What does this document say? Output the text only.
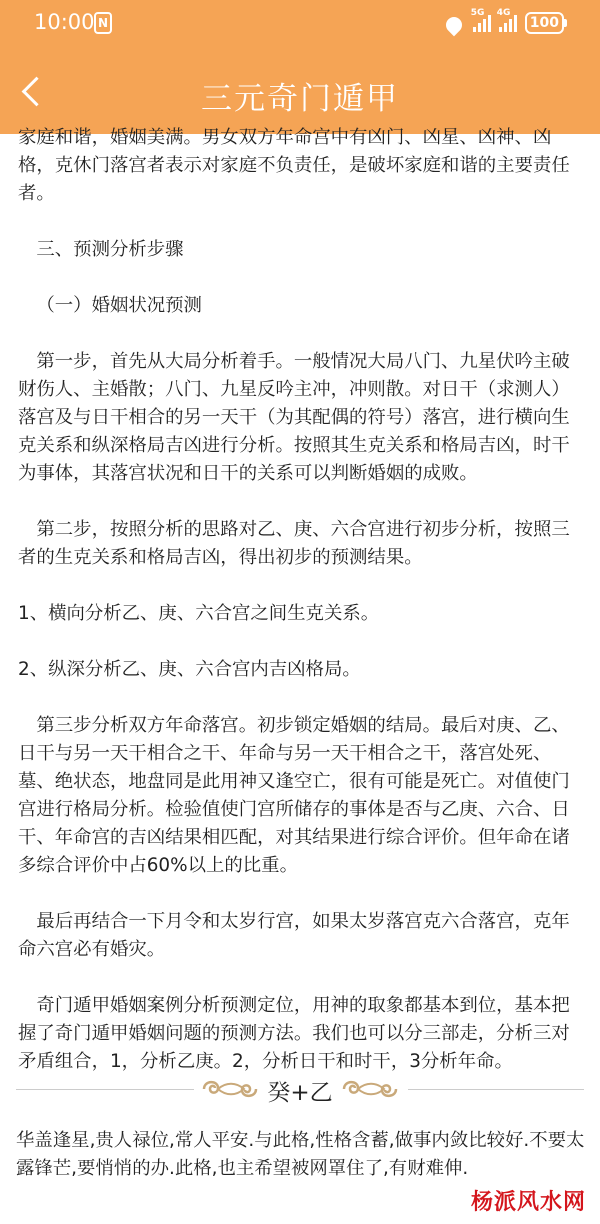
10:00 N
5G 4G
100
三元奇门遁甲

家庭和谐，婚姻美满。男女双方年命宫中有凶门、凶星、凶神、凶格，克休门落宫者表示对家庭不负责任，是破坏家庭和谐的主要责任者。

三、预测分析步骤

（一）婚姻状况预测

第一步，首先从大局分析着手。一般情况大局八门、九星伏吟主破财伤人、主婚散；八门、九星反吟主冲，冲则散。对日干（求测人）落宫及与日干相合的另一天干（为其配偶的符号）落宫，进行横向生克关系和纵深格局吉凶进行分析。按照其生克关系和格局吉凶，时干为事体，其落宫状况和日干的关系可以判断婚姻的成败。

第二步，按照分析的思路对乙、庚、六合宫进行初步分析，按照三者的生克关系和格局吉凶，得出初步的预测结果。

1、横向分析乙、庚、六合宫之间生克关系。

2、纵深分析乙、庚、六合宫内吉凶格局。

第三步分析双方年命落宫。初步锁定婚姻的结局。最后对庚、乙、日干与另一天干相合之干、年命与另一天干相合之干，落宫处死、墓、绝状态，地盘同是此用神又逢空亡，很有可能是死亡。对值使门宫进行格局分析。检验值使门宫所储存的事体是否与乙庚、六合、日干、年命宫的吉凶结果相匹配，对其结果进行综合评价。但年命在诸多综合评价中占60%以上的比重。

最后再结合一下月令和太岁行宫，如果太岁落宫克六合落宫，克年命六宫必有婚灾。

奇门遁甲婚姻案例分析预测定位，用神的取象都基本到位，基本把握了奇门遁甲婚姻问题的预测方法。我们也可以分三部走，分析三对矛盾组合，1，分析乙庚。2，分析日干和时干，3分析年命。

癸+乙
华盖逢星,贵人禄位,常人平安.与此格,性格含蓄,做事内敛比较好.不要太露锋芒,要悄悄的办.此格,也主希望被网罩住了,有财难伸.
杨派风水网
